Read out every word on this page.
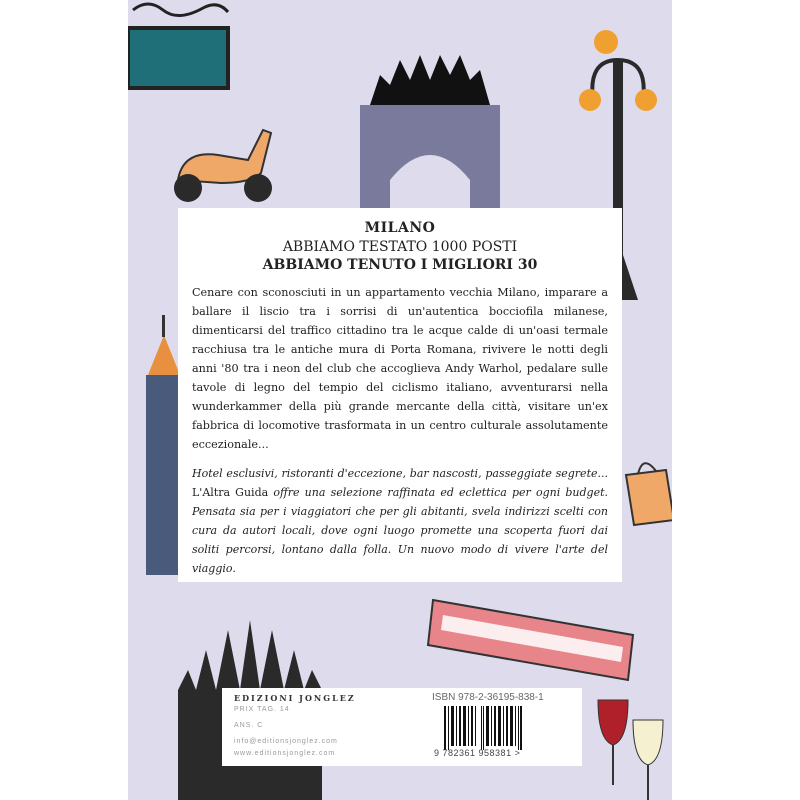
MILANO
ABBIAMO TESTATO 1000 POSTI
ABBIAMO TENUTO I MIGLIORI 30
Cenare con sconosciuti in un appartamento vecchia Milano, imparare a ballare il liscio tra i sorrisi di un'autentica bocciofila milanese, dimenticarsi del traffico cittadino tra le acque calde di un'oasi termale racchiusa tra le antiche mura di Porta Romana, rivivere le notti degli anni '80 tra i neon del club che accoglieva Andy Warhol, pedalare sulle tavole di legno del tempio del ciclismo italiano, avventurarsi nella wunderkammer della più grande mercante della città, visitare un'ex fabbrica di locomotive trasformata in un centro culturale assolutamente eccezionale...
Hotel esclusivi, ristoranti d'eccezione, bar nascosti, passeggiate segrete... L'Altra Guida offre una selezione raffinata ed eclettica per ogni budget. Pensata sia per i viaggiatori che per gli abitanti, svela indirizzi scelti con cura da autori locali, dove ogni luogo promette una scoperta fuori dai soliti percorsi, lontano dalla folla. Un nuovo modo di vivere l'arte del viaggio.
EDIZIONI JONGLEZ
PRIX TAG. 14
ANS. C
info@editionsjonglez.com
www.editionsjonglez.com
ISBN 978-2-36195-838-1
9 782361 958381 >
